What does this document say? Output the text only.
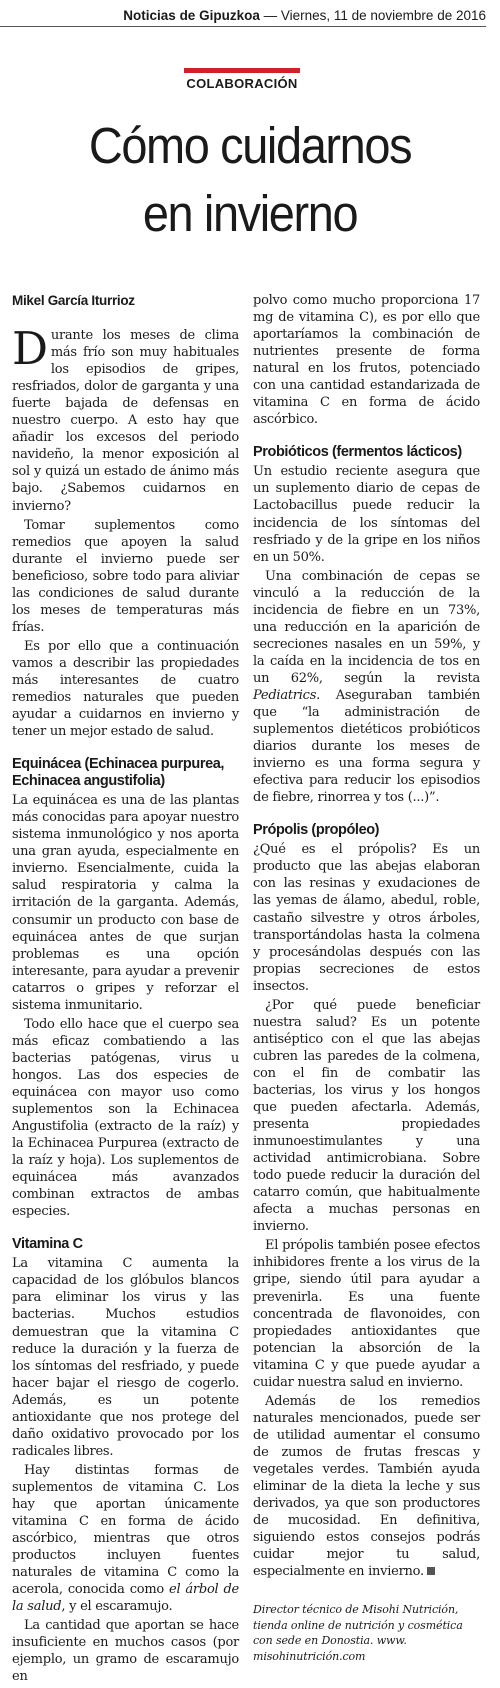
Noticias de Gipuzkoa — Viernes, 11 de noviembre de 2016
COLABORACIÓN
Cómo cuidarnos
en invierno
Mikel García Iturrioz

Durante los meses de clima más frío son muy habituales los episodios de gripes, resfriados, dolor de garganta y una fuerte bajada de defensas en nuestro cuerpo. A esto hay que añadir los excesos del periodo navideño, la menor exposición al sol y quizá un estado de ánimo más bajo. ¿Sabemos cuidarnos en invierno?

Tomar suplementos como remedios que apoyen la salud durante el invierno puede ser beneficioso, sobre todo para aliviar las condiciones de salud durante los meses de temperaturas más frías.

Es por ello que a continuación vamos a describir las propiedades más interesantes de cuatro remedios naturales que pueden ayudar a cuidarnos en invierno y tener un mejor estado de salud.

Equinácea (Echinacea purpurea, Echinacea angustifolia)

La equinácea es una de las plantas más conocidas para apoyar nuestro sistema inmunológico y nos aporta una gran ayuda, especialmente en invierno. Esencialmente, cuida la salud respiratoria y calma la irritación de la garganta. Además, consumir un producto con base de equinácea antes de que surjan problemas es una opción interesante, para ayudar a prevenir catarros o gripes y reforzar el sistema inmunitario.

Todo ello hace que el cuerpo sea más eficaz combatiendo a las bacterias patógenas, virus u hongos. Las dos especies de equinácea con mayor uso como suplementos son la Echinacea Angustifolia (extracto de la raíz) y la Echinacea Purpurea (extracto de la raíz y hoja). Los suplementos de equinácea más avanzados combinan extractos de ambas especies.

Vitamina C

La vitamina C aumenta la capacidad de los glóbulos blancos para eliminar los virus y las bacterias. Muchos estudios demuestran que la vitamina C reduce la duración y la fuerza de los síntomas del resfriado, y puede hacer bajar el riesgo de cogerlo. Además, es un potente antioxidante que nos protege del daño oxidativo provocado por los radicales libres.

Hay distintas formas de suplementos de vitamina C. Los hay que aportan únicamente vitamina C en forma de ácido ascórbico, mientras que otros productos incluyen fuentes naturales de vitamina C como la acerola, conocida como el árbol de la salud, y el escaramujo.

La cantidad que aportan se hace insuficiente en muchos casos (por ejemplo, un gramo de escaramujo en

polvo como mucho proporciona 17 mg de vitamina C), es por ello que aportaríamos la combinación de nutrientes presente de forma natural en los frutos, potenciado con una cantidad estandarizada de vitamina C en forma de ácido ascórbico.

Probióticos (fermentos lácticos)

Un estudio reciente asegura que un suplemento diario de cepas de Lactobacillus puede reducir la incidencia de los síntomas del resfriado y de la gripe en los niños en un 50%.

Una combinación de cepas se vinculó a la reducción de la incidencia de fiebre en un 73%, una reducción en la aparición de secreciones nasales en un 59%, y la caída en la incidencia de tos en un 62%, según la revista Pediatrics. Aseguraban también que “la administración de suplementos dietéticos probióticos diarios durante los meses de invierno es una forma segura y efectiva para reducir los episodios de fiebre, rinorrea y tos (...)”.

Própolis (propóleo)

¿Qué es el própolis? Es un producto que las abejas elaboran con las resinas y exudaciones de las yemas de álamo, abedul, roble, castaño silvestre y otros árboles, transportándolas hasta la colmena y procesándolas después con las propias secreciones de estos insectos.

¿Por qué puede beneficiar nuestra salud? Es un potente antiséptico con el que las abejas cubren las paredes de la colmena, con el fin de combatir las bacterias, los virus y los hongos que pueden afectarla. Además, presenta propiedades inmunoestimulantes y una actividad antimicrobiana. Sobre todo puede reducir la duración del catarro común, que habitualmente afecta a muchas personas en invierno.

El própolis también posee efectos inhibidores frente a los virus de la gripe, siendo útil para ayudar a prevenirla. Es una fuente concentrada de flavonoides, con propiedades antioxidantes que potencian la absorción de la vitamina C y que puede ayudar a cuidar nuestra salud en invierno.

Además de los remedios naturales mencionados, puede ser de utilidad aumentar el consumo de zumos de frutas frescas y vegetales verdes. También ayuda eliminar de la dieta la leche y sus derivados, ya que son productores de mucosidad. En definitiva, siguiendo estos consejos podrás cuidar mejor tu salud, especialmente en invierno.

Director técnico de Misohi Nutrición, tienda online de nutrición y cosmética con sede en Donostia. www. misohinutrición.com
